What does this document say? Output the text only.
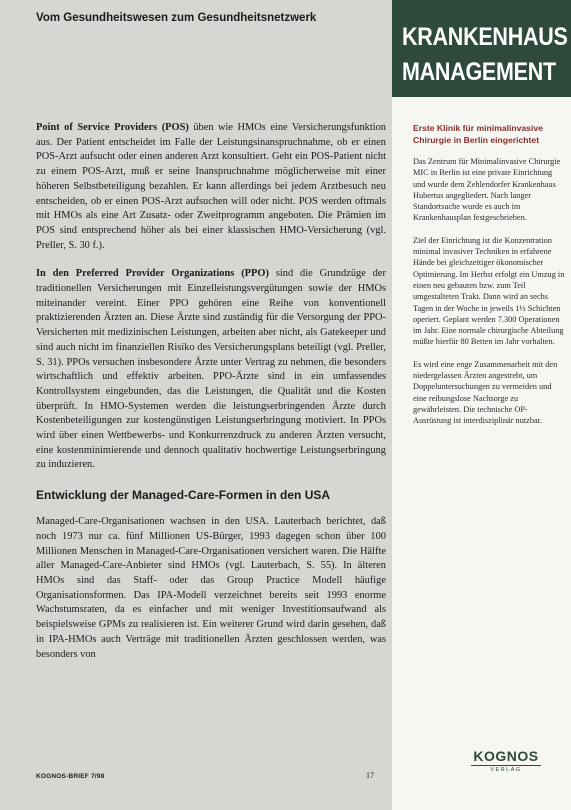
Vom Gesundheitswesen zum Gesundheitsnetzwerk
KRANKENHAUS
MANAGEMENT

Point of Service Providers (POS) üben wie HMOs eine Versicherungsfunktion aus. Der Patient entscheidet im Falle der Leistungsinanspruchnahme, ob er einen POS-Arzt aufsucht oder einen anderen Arzt konsultiert. Geht ein POS-Patient nicht zu einem POS-Arzt, muß er seine Inanspruchnahme möglicherweise mit einer höheren Selbstbeteiligung bezahlen. Er kann allerdings bei jedem Arztbesuch neu entscheiden, ob er einen POS-Arzt aufsuchen will oder nicht. POS werden oftmals mit HMOs als eine Art Zusatz- oder Zweitprogramm angeboten. Die Prämien im POS sind entsprechend höher als bei einer klassischen HMO-Versicherung (vgl. Preller, S. 30 f.).

In den Preferred Provider Organizations (PPO) sind die Grundzüge der traditionellen Versicherungen mit Einzelleistungsvergütungen sowie der HMOs miteinander vereint. Einer PPO gehören eine Reihe von konventionell praktizierenden Ärzten an. Diese Ärzte sind zuständig für die Versorgung der PPO-Versicherten mit medizinischen Leistungen, arbeiten aber nicht, als Gatekeeper und sind auch nicht im finanziellen Risiko des Versicherungsplans beteiligt (vgl. Preller, S. 31). PPOs versuchen insbesondere Ärzte unter Vertrag zu nehmen, die besonders wirtschaftlich und effektiv arbeiten. PPO-Ärzte sind in ein umfassendes Kontrollsystem eingebunden, das die Leistungen, die Qualität und die Kosten überprüft. In HMO-Systemen werden die leistungserbringenden Ärzte durch Kostenbeteiligungen zur kostengünstigen Leistungserbringung motiviert. In PPOs wird über einen Wettbewerbs- und Konkurrenzdruck zu anderen Ärzten versucht, eine kostenminimierende und dennoch qualitativ hochwertige Leistungserbringung zu induzieren.

Entwicklung der Managed-Care-Formen in den USA

Managed-Care-Organisationen wachsen in den USA. Lauterbach berichtet, daß noch 1973 nur ca. fünf Millionen US-Bürger, 1993 dagegen schon über 100 Millionen Menschen in Managed-Care-Organisationen versichert waren. Die Hälfte aller Managed-Care-Anbieter sind HMOs (vgl. Lauterbach, S. 55). In älteren HMOs sind das Staff- oder das Group Practice Modell häufige Organisationsformen. Das IPA-Modell verzeichnet bereits seit 1993 enorme Wachstumsraten, da es einfacher und mit weniger Investitionsaufwand als beispielsweise GPMs zu realisieren ist. Ein weiterer Grund wird darin gesehen, daß in IPA-HMOs auch Verträge mit traditionellen Ärzten geschlossen werden, was besonders von

Erste Klinik für minimalinvasive Chirurgie in Berlin eingerichtet

Das Zentrum für Minimalinvasive Chirurgie MIC in Berlin ist eine private Einrichtung und wurde dem Zehlendorfer Krankenhaus Hubertus angegliedert. Nach langer Standortsuche wurde es auch im Krankenhausplan festgeschrieben.

Ziel der Einrichtung ist die Konzentration minimal invasiver Techniken in erfahrene Hände bei gleichzeitiger ökonomischer Optimierung. Im Herbst erfolgt ein Umzug in einen neu gebauten bzw. zum Teil umgestalteten Trakt. Dann wird an sechs Tagen in der Woche in jeweils 1½ Schichten operiert. Geplant werden 7.300 Operationen im Jahr. Eine normale chirurgische Abteilung müßte hierfür 80 Betten im Jahr vorhalten.

Es wird eine enge Zusammenarbeit mit den niedergelassen Ärzten angestrebt, um Doppeluntersuchungen zu vermeiden und eine reibungslose Nachsorge zu gewährleisten. Die technische OP-Ausrüstung ist interdisziplinär nutzbar.

KOGNOS-BRIEF 7/98	17
KOGNOS
VERLAG
